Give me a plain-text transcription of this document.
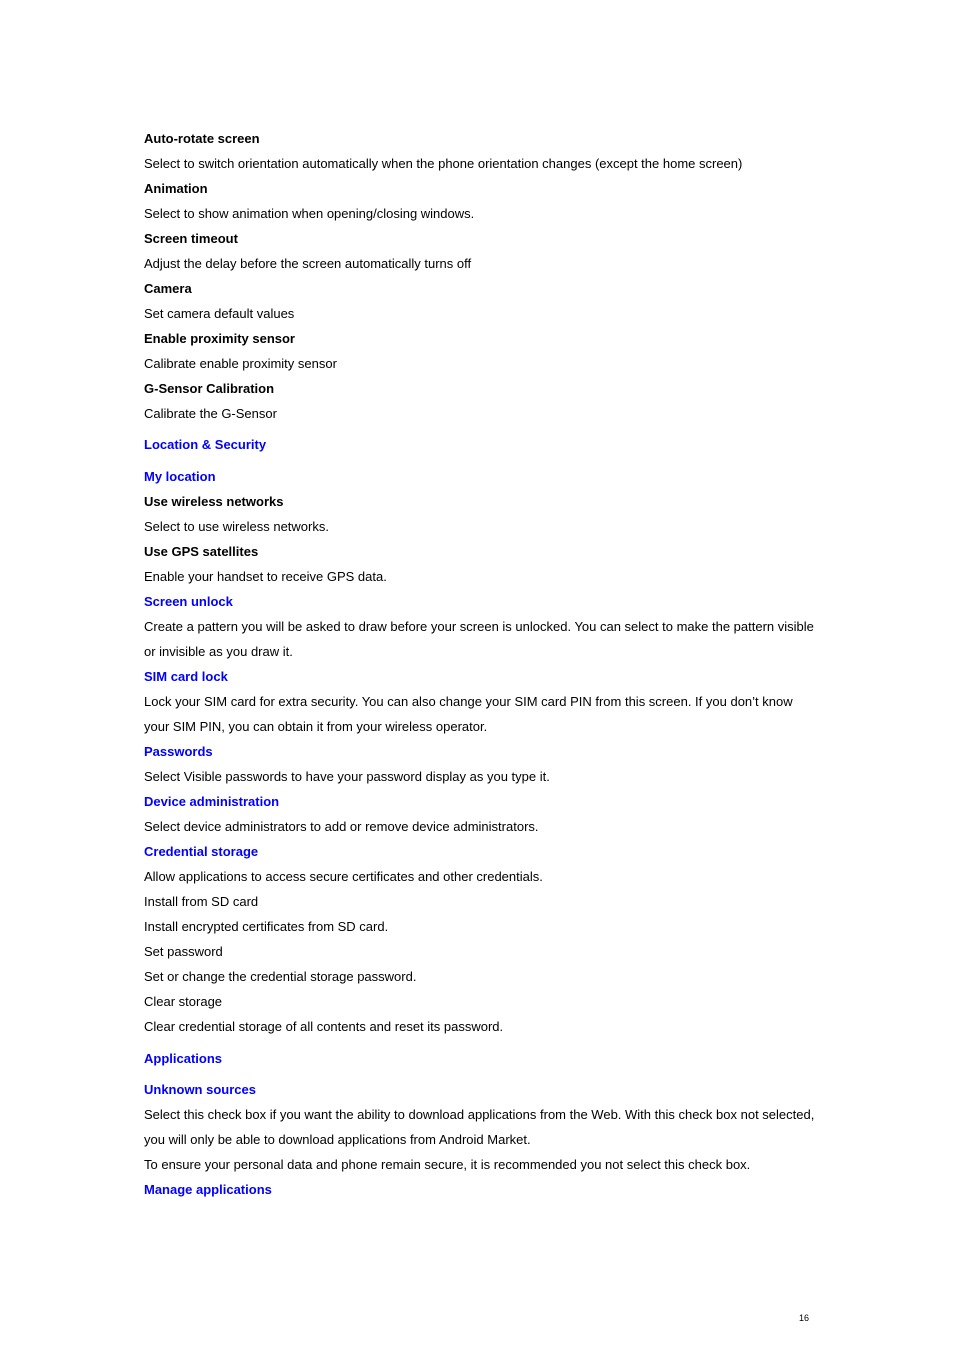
Auto-rotate screen
Select to switch orientation automatically when the phone orientation changes (except the home screen)
Animation
Select to show animation when opening/closing windows.
Screen timeout
Adjust the delay before the screen automatically turns off
Camera
Set camera default values
Enable proximity sensor
Calibrate enable proximity sensor
G-Sensor Calibration
Calibrate the G-Sensor
Location & Security
My location
Use wireless networks
Select to use wireless networks.
Use GPS satellites
Enable your handset to receive GPS data.
Screen unlock
Create a pattern you will be asked to draw before your screen is unlocked. You can select to make the pattern visible
or invisible as you draw it.
SIM card lock
Lock your SIM card for extra security. You can also change your SIM card PIN from this screen. If you don’t know
your SIM PIN, you can obtain it from your wireless operator.
Passwords
Select Visible passwords to have your password display as you type it.
Device administration
Select device administrators to add or remove device administrators.
Credential storage
Allow applications to access secure certificates and other credentials.
Install from SD card
Install encrypted certificates from SD card.
Set password
Set or change the credential storage password.
Clear storage
Clear credential storage of all contents and reset its password.
Applications
Unknown sources
Select this check box if you want the ability to download applications from the Web. With this check box not selected,
you will only be able to download applications from Android Market.
To ensure your personal data and phone remain secure, it is recommended you not select this check box.
Manage applications
16
